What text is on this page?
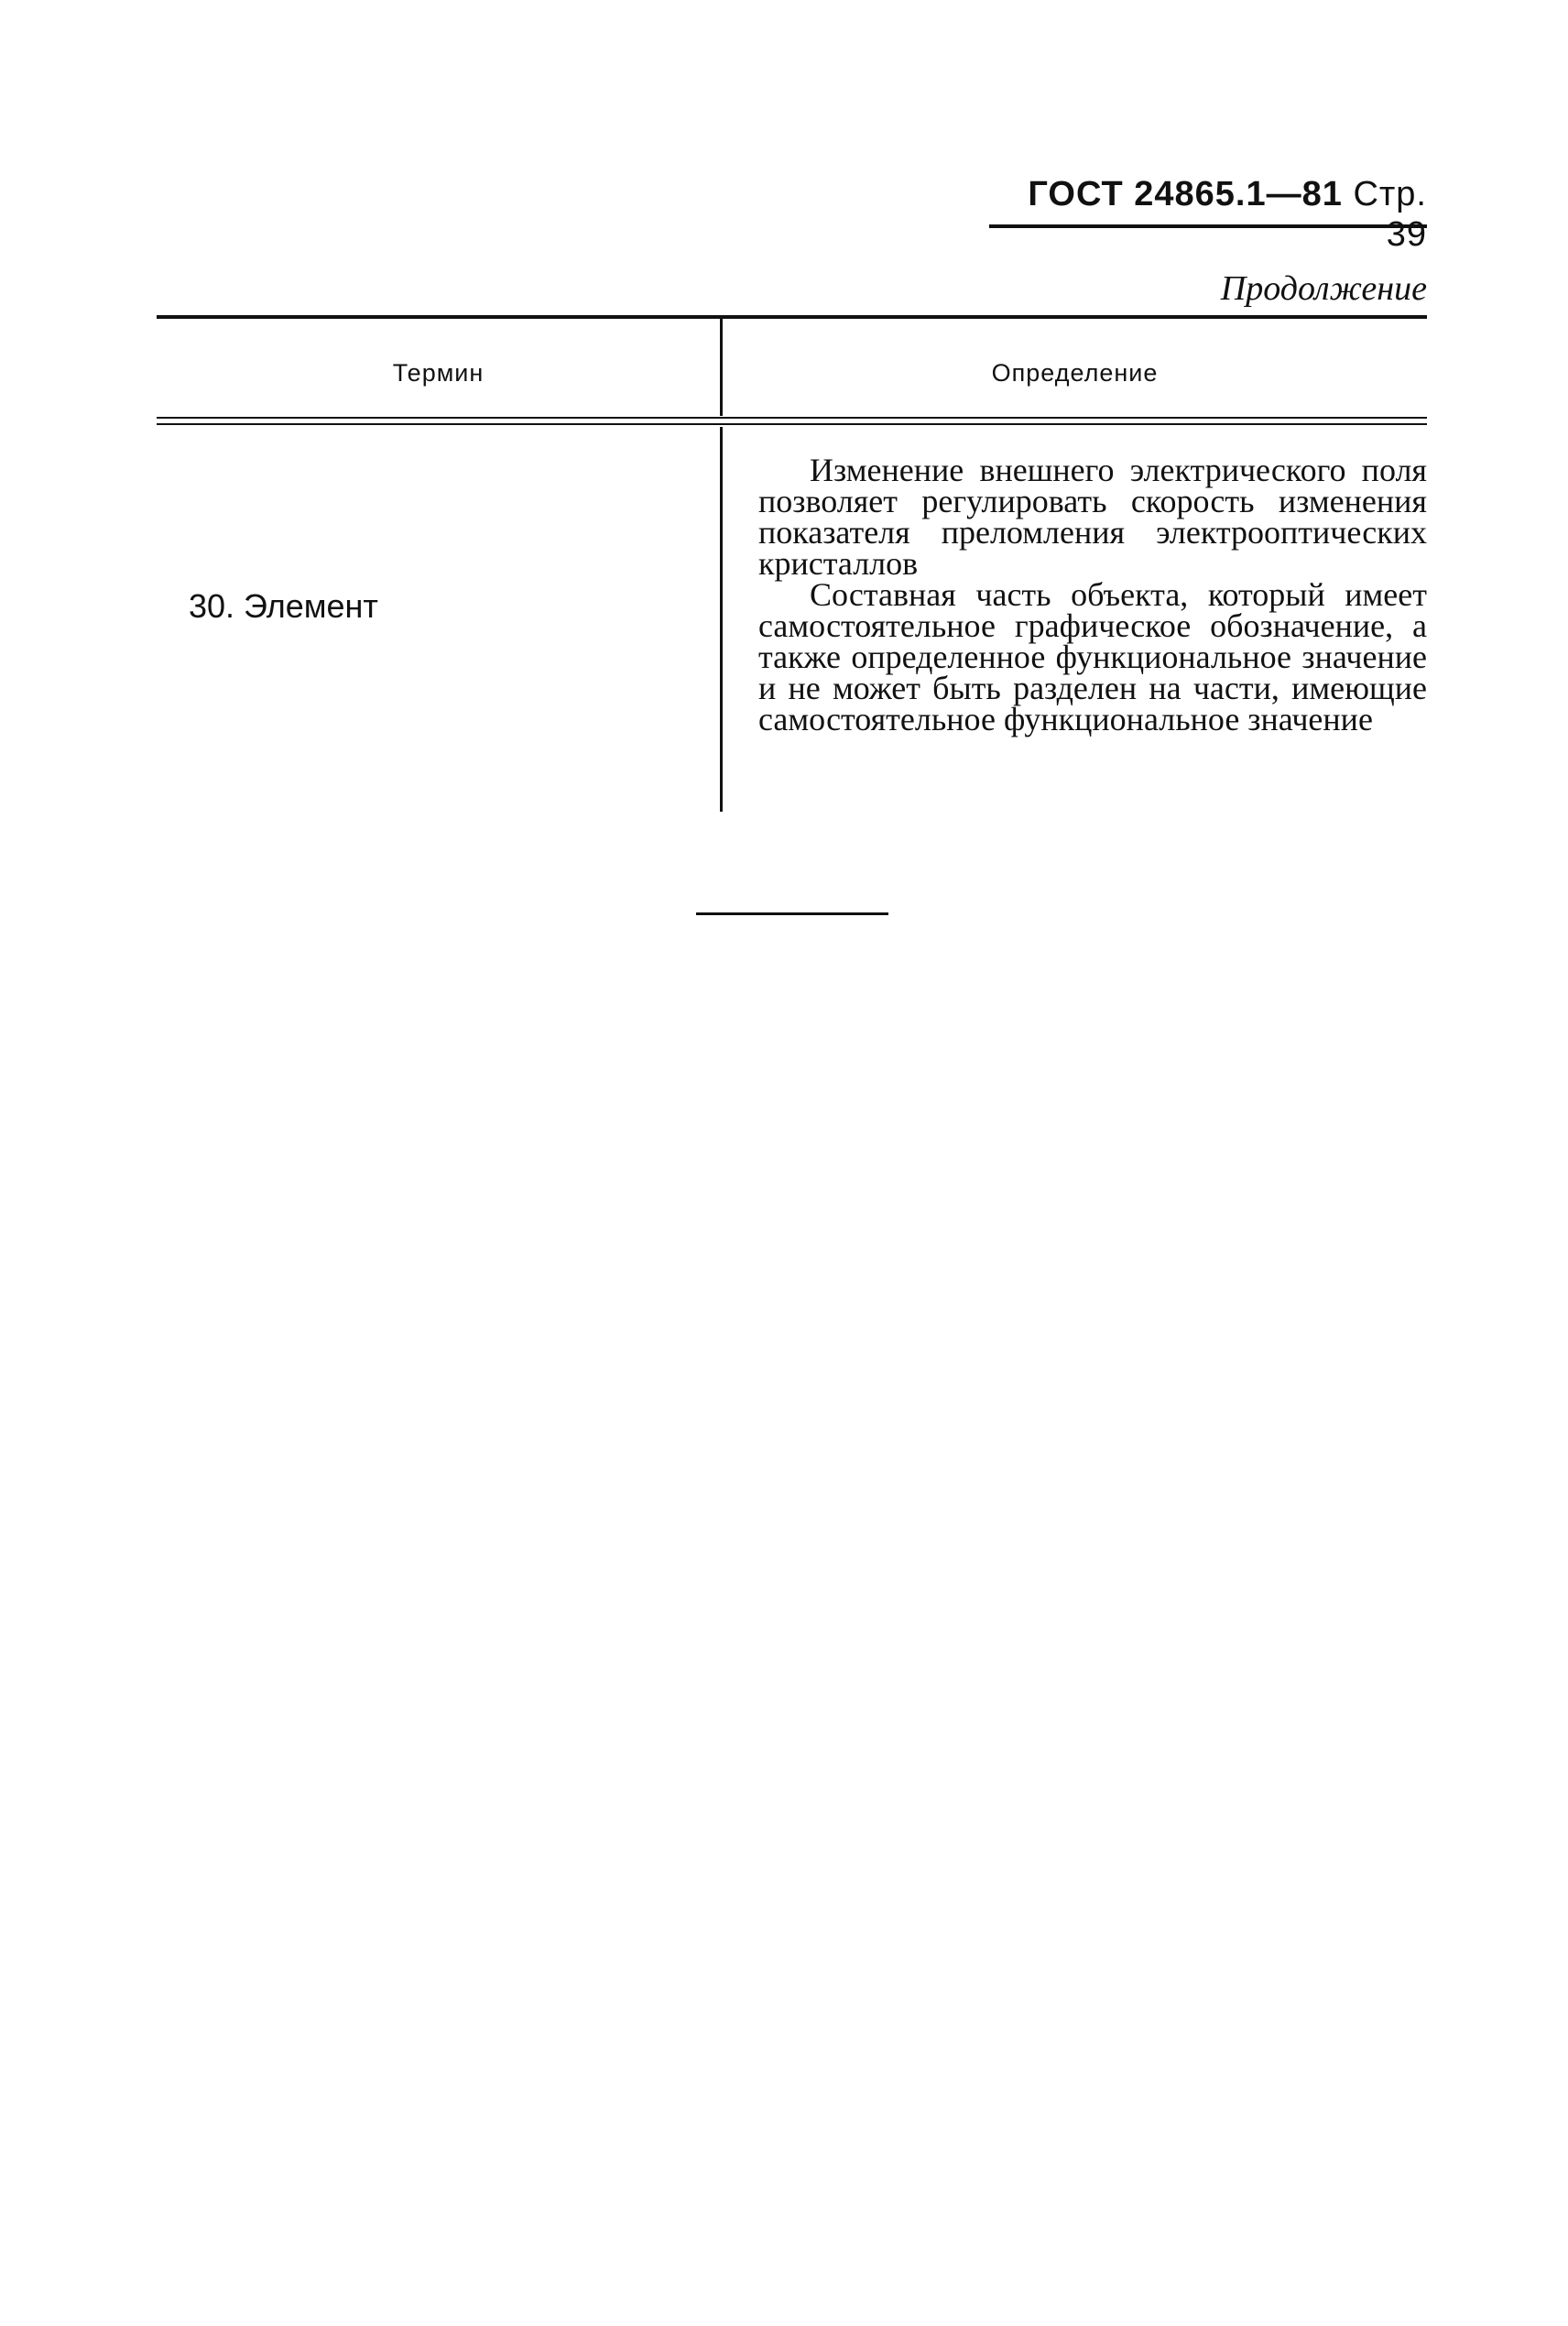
ГОСТ 24865.1—81 Стр. 39
Продолжение
Термин	Определение
30. Элемент

Изменение внешнего электрического поля позволяет регулировать скорость изменения показателя преломления электрооптических кристаллов

Составная часть объекта, который имеет самостоятельное графическое обозначение, а также определенное функциональное значение и не может быть разделен на части, имеющие самостоятельное функциональное значение
